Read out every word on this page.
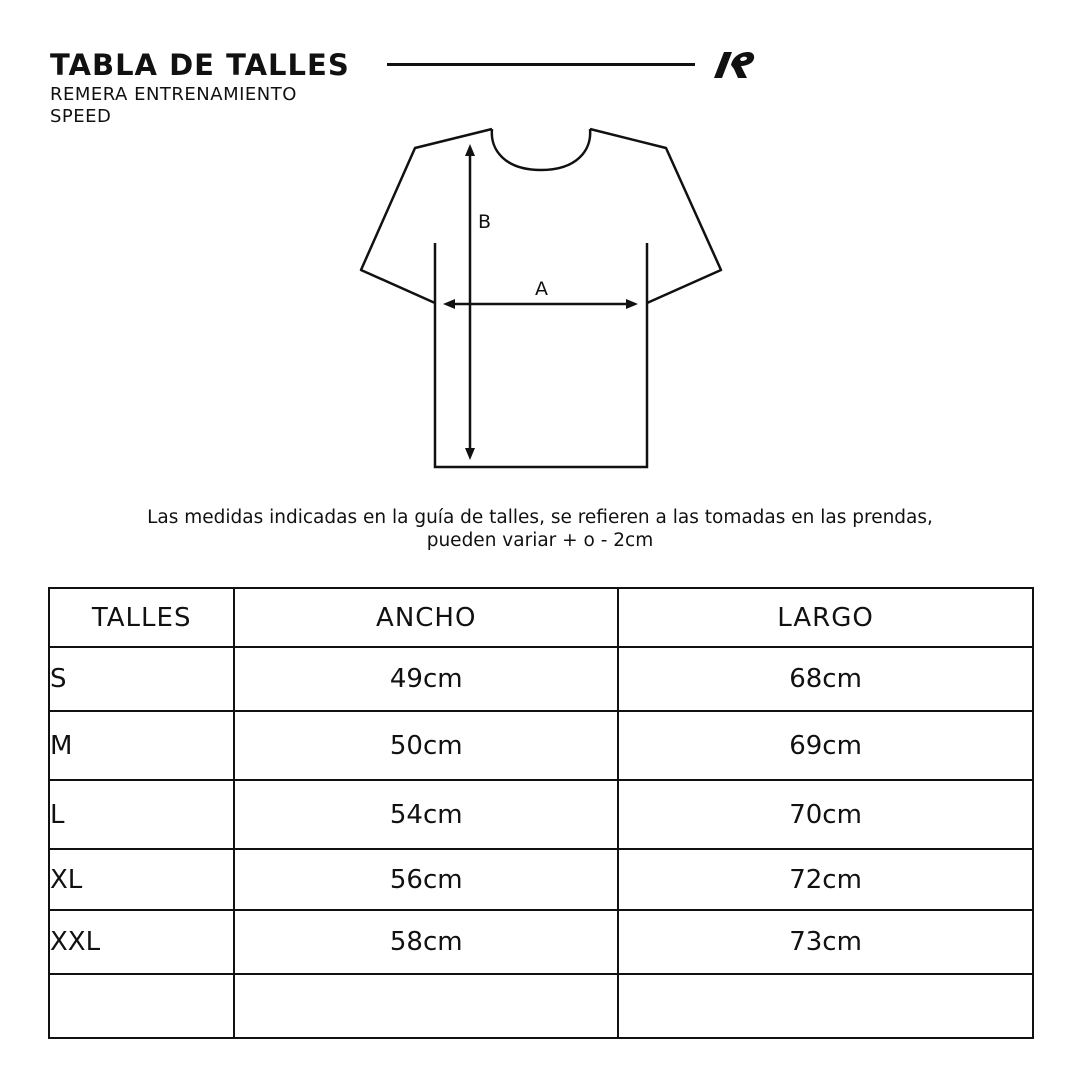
TABLA DE TALLES
REMERA ENTRENAMIENTO
SPEED
B
A
Las medidas indicadas en la guía de talles, se refieren a las tomadas en las prendas,
pueden variar + o - 2cm
TALLES	ANCHO	LARGO
S	49cm	68cm
M	50cm	69cm
L	54cm	70cm
XL	56cm	72cm
XXL	58cm	73cm
